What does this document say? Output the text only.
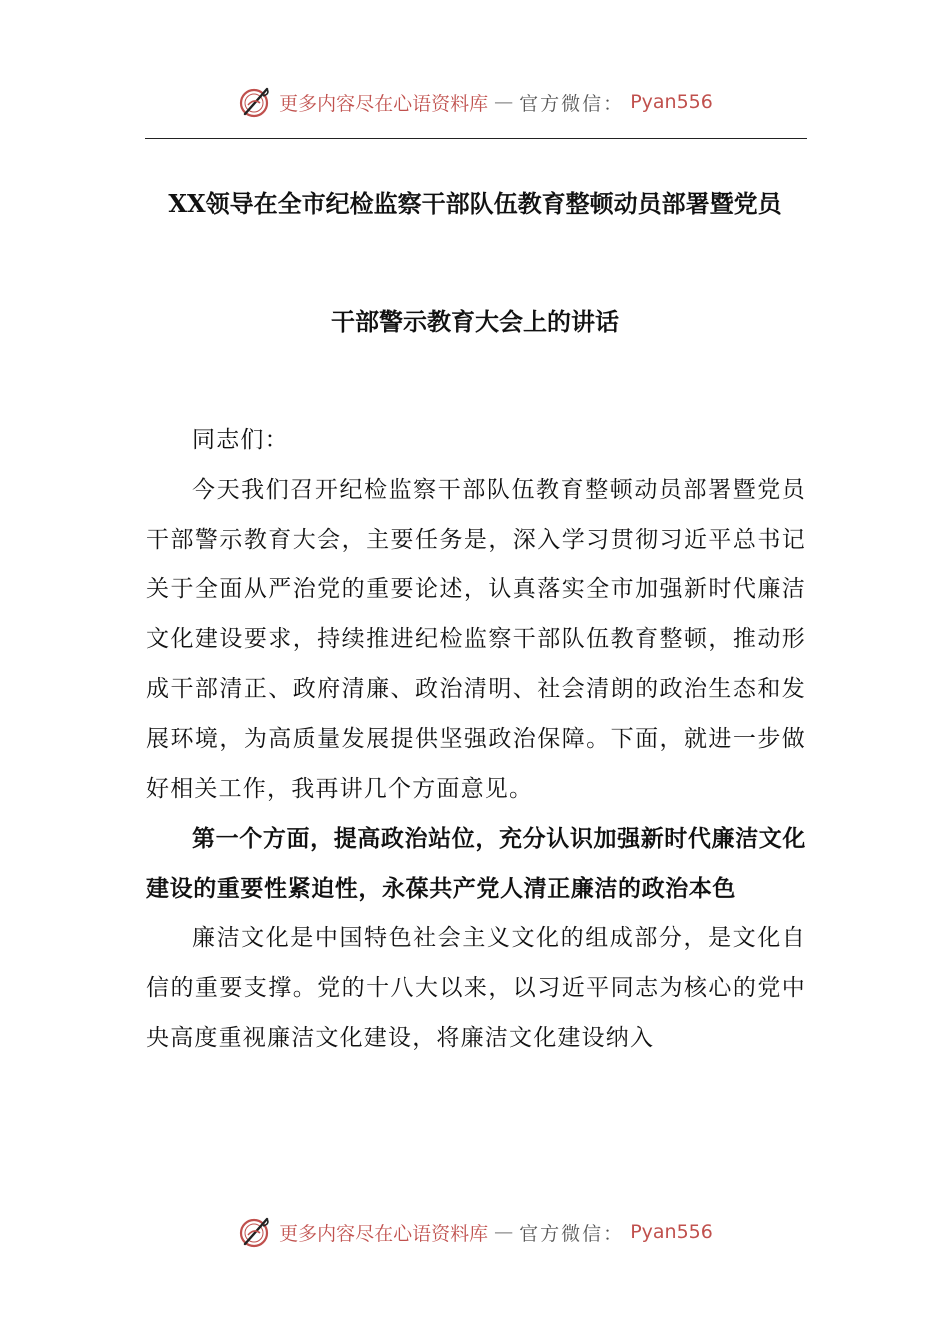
更多内容尽在心语资料库 — 官方微信： Pyan556
XX领导在全市纪检监察干部队伍教育整顿动员部署暨党员
干部警示教育大会上的讲话

同志们：

今天我们召开纪检监察干部队伍教育整顿动员部署暨党员干部警示教育大会，主要任务是，深入学习贯彻习近平总书记关于全面从严治党的重要论述，认真落实全市加强新时代廉洁文化建设要求，持续推进纪检监察干部队伍教育整顿，推动形成干部清正、政府清廉、政治清明、社会清朗的政治生态和发展环境，为高质量发展提供坚强政治保障。下面，就进一步做好相关工作，我再讲几个方面意见。

第一个方面，提高政治站位，充分认识加强新时代廉洁文化建设的重要性紧迫性，永葆共产党人清正廉洁的政治本色

廉洁文化是中国特色社会主义文化的组成部分，是文化自信的重要支撑。党的十八大以来，以习近平同志为核心的党中央高度重视廉洁文化建设，将廉洁文化建设纳入

更多内容尽在心语资料库 — 官方微信： Pyan556
